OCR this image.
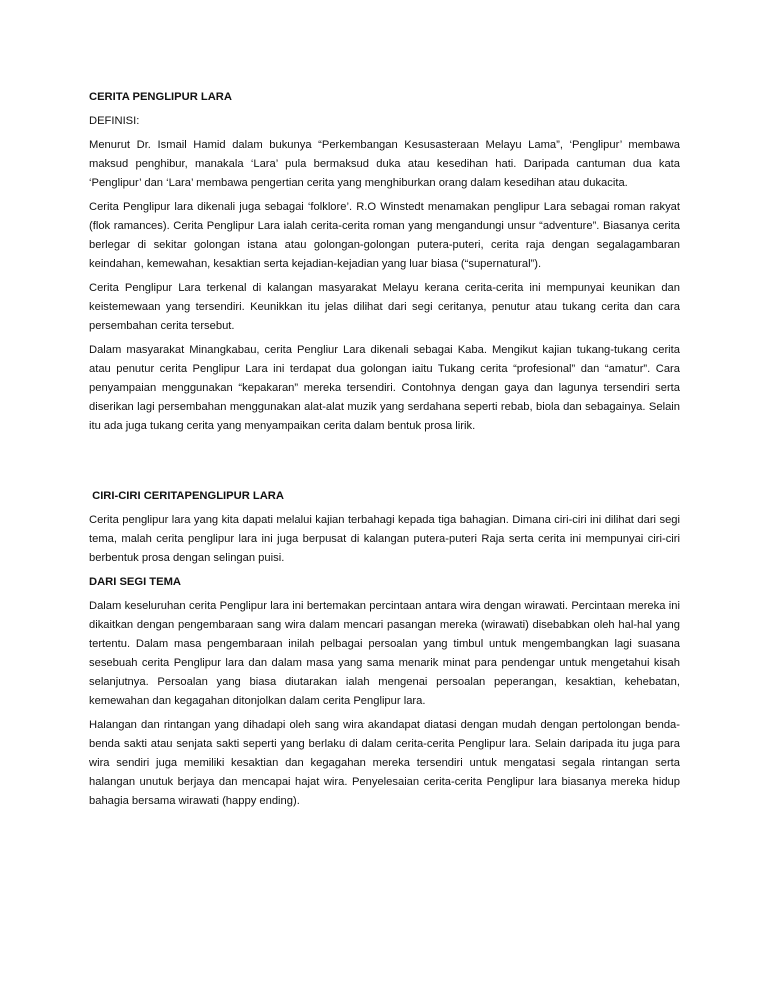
CERITA PENGLIPUR LARA
DEFINISI:
Menurut Dr. Ismail Hamid dalam bukunya “Perkembangan Kesusasteraan Melayu Lama”, ‘Penglipur’ membawa maksud penghibur, manakala ‘Lara’ pula bermaksud duka atau kesedihan hati. Daripada cantuman dua kata ‘Penglipur’ dan ‘Lara’ membawa pengertian cerita yang menghiburkan orang dalam kesedihan atau dukacita.
Cerita Penglipur lara dikenali juga sebagai ‘folklore’. R.O Winstedt menamakan penglipur Lara sebagai roman rakyat (flok ramances). Cerita Penglipur Lara ialah cerita-cerita roman yang mengandungi unsur “adventure”. Biasanya cerita berlegar di sekitar golongan istana atau golongan-golongan putera-puteri, cerita raja dengan segalagambaran keindahan, kemewahan, kesaktian serta kejadian-kejadian yang luar biasa (“supernatural”).
Cerita Penglipur Lara terkenal di kalangan masyarakat Melayu kerana cerita-cerita ini mempunyai keunikan dan keistemewaan yang tersendiri. Keunikkan itu jelas dilihat dari segi ceritanya, penutur atau tukang cerita dan cara persembahan cerita tersebut.
Dalam masyarakat Minangkabau, cerita Pengliur Lara dikenali sebagai Kaba. Mengikut kajian tukang-tukang cerita atau penutur cerita Penglipur Lara ini terdapat dua golongan iaitu Tukang cerita “profesional” dan “amatur”. Cara penyampaian menggunakan “kepakaran” mereka tersendiri. Contohnya dengan gaya dan lagunya tersendiri serta diserikan lagi persembahan menggunakan alat-alat muzik yang serdahana seperti rebab, biola dan sebagainya. Selain itu ada juga tukang cerita yang menyampaikan cerita dalam bentuk prosa lirik.
CIRI-CIRI CERITAPENGLIPUR LARA
Cerita penglipur lara yang kita dapati melalui kajian terbahagi kepada tiga bahagian. Dimana ciri-ciri ini dilihat dari segi tema, malah cerita penglipur lara ini juga berpusat di kalangan putera-puteri Raja serta cerita ini mempunyai ciri-ciri berbentuk prosa dengan selingan puisi.
DARI SEGI TEMA
Dalam keseluruhan cerita Penglipur lara ini bertemakan percintaan antara wira dengan wirawati. Percintaan mereka ini dikaitkan dengan pengembaraan sang wira dalam mencari pasangan mereka (wirawati) disebabkan oleh hal-hal yang tertentu. Dalam masa pengembaraan inilah pelbagai persoalan yang timbul untuk mengembangkan lagi suasana sesebuah cerita Penglipur lara dan dalam masa yang sama menarik minat para pendengar untuk mengetahui kisah selanjutnya. Persoalan yang biasa diutarakan ialah mengenai persoalan peperangan, kesaktian, kehebatan, kemewahan dan kegagahan ditonjolkan dalam cerita Penglipur lara.
Halangan dan rintangan yang dihadapi oleh sang wira akandapat diatasi dengan mudah dengan pertolongan benda-benda sakti atau senjata sakti seperti yang berlaku di dalam cerita-cerita Penglipur lara. Selain daripada itu juga para wira sendiri juga memiliki kesaktian dan kegagahan mereka tersendiri untuk mengatasi segala rintangan serta halangan unutuk berjaya dan mencapai hajat wira. Penyelesaian cerita-cerita Penglipur lara biasanya mereka hidup bahagia bersama wirawati (happy ending).
